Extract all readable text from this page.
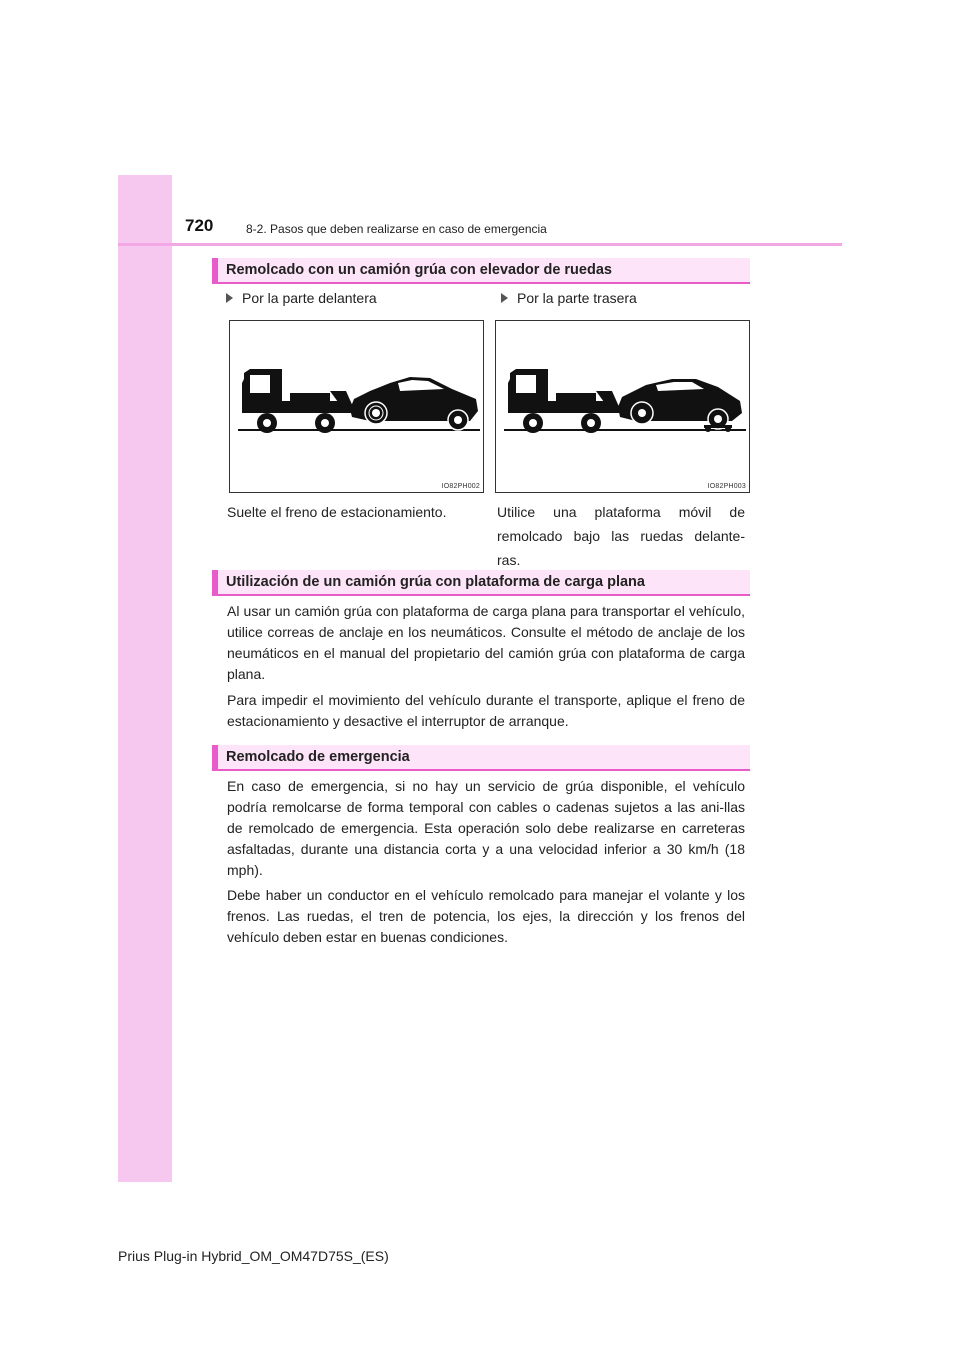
720	8-2. Pasos que deben realizarse en caso de emergencia
Remolcado con un camión grúa con elevador de ruedas
Por la parte delantera	Por la parte trasera
IO82PH002	IO82PH003
Suelte el freno de estacionamiento.	Utilice una plataforma móvil de
remolcado bajo las ruedas delante-
ras.
Utilización de un camión grúa con plataforma de carga plana

Al usar un camión grúa con plataforma de carga plana para transportar el vehículo, utilice correas de anclaje en los neumáticos. Consulte el método de anclaje de los neumáticos en el manual del propietario del camión grúa con plataforma de carga plana.

Para impedir el movimiento del vehículo durante el transporte, aplique el freno de estacionamiento y desactive el interruptor de arranque.

Remolcado de emergencia

En caso de emergencia, si no hay un servicio de grúa disponible, el vehículo podría remolcarse de forma temporal con cables o cadenas sujetos a las ani-llas de remolcado de emergencia. Esta operación solo debe realizarse en carreteras asfaltadas, durante una distancia corta y a una velocidad inferior a 30 km/h (18 mph).

Debe haber un conductor en el vehículo remolcado para manejar el volante y los frenos. Las ruedas, el tren de potencia, los ejes, la dirección y los frenos del vehículo deben estar en buenas condiciones.

Prius Plug-in Hybrid_OM_OM47D75S_(ES)
